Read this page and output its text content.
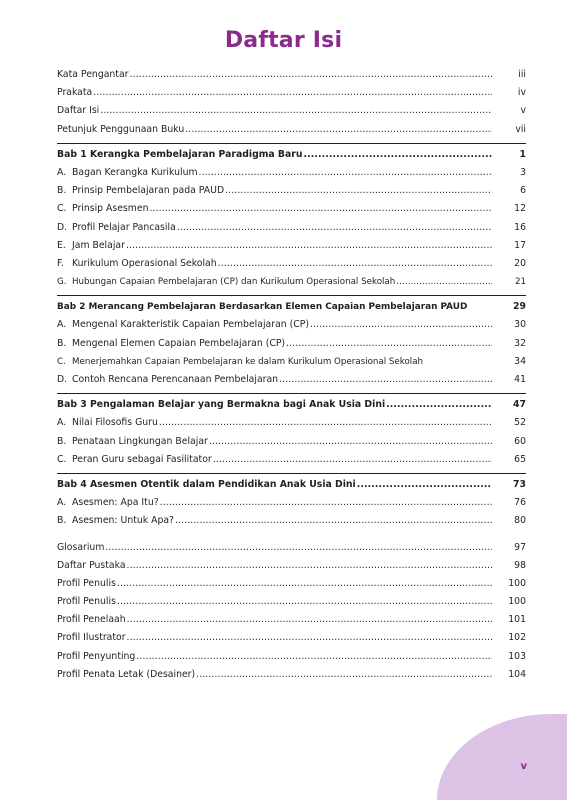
Daftar Isi
Kata Pengantar .....	iii
Prakata .....	iv
Daftar Isi .....	v
Petunjuk Penggunaan Buku .....	vii
Bab 1 Kerangka Pembelajaran Paradigma Baru .....	1
A. Bagan Kerangka Kurikulum .....	3
B. Prinsip Pembelajaran pada PAUD .....	6
C. Prinsip Asesmen .....	12
D. Profil Pelajar Pancasila .....	16
E. Jam Belajar .....	17
F. Kurikulum Operasional Sekolah .....	20
G. Hubungan Capaian Pembelajaran (CP) dan Kurikulum Operasional Sekolah .....	21
Bab 2 Merancang Pembelajaran Berdasarkan Elemen Capaian Pembelajaran PAUD	29
A. Mengenal Karakteristik Capaian Pembelajaran (CP) .....	30
B. Mengenal Elemen Capaian Pembelajaran (CP) .....	32
C. Menerjemahkan Capaian Pembelajaran ke dalam Kurikulum Operasional Sekolah	34
D. Contoh Rencana Perencanaan Pembelajaran .....	41
Bab 3 Pengalaman Belajar yang Bermakna bagi Anak Usia Dini .....	47
A. Nilai Filosofis Guru .....	52
B. Penataan Lingkungan Belajar .....	60
C. Peran Guru sebagai Fasilitator .....	65
Bab 4 Asesmen Otentik dalam Pendidikan Anak Usia Dini .....	73
A. Asesmen: Apa Itu? .....	76
B. Asesmen: Untuk Apa? .....	80
Glosarium .....	97
Daftar Pustaka .....	98
Profil Penulis .....	100
Profil Penulis .....	100
Profil Penelaah .....	101
Profil Ilustrator .....	102
Profil Penyunting .....	103
Profil Penata Letak (Desainer) .....	104
v
